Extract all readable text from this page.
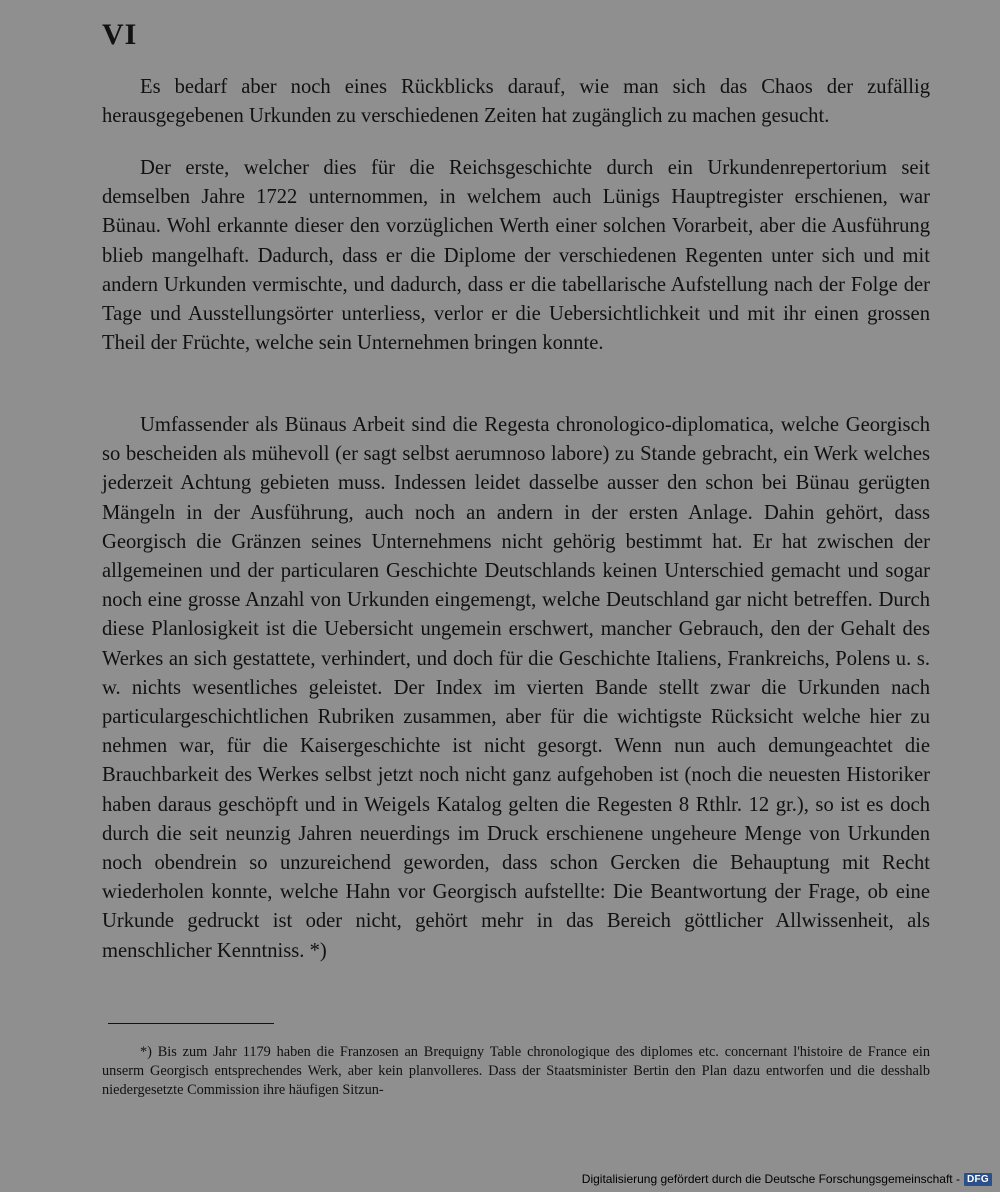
VI

Es bedarf aber noch eines Rückblicks darauf, wie man sich das Chaos der zufällig herausgegebenen Urkunden zu verschiedenen Zeiten hat zugänglich zu machen gesucht.

Der erste, welcher dies für die Reichsgeschichte durch ein Urkundenrepertorium seit demselben Jahre 1722 unternommen, in welchem auch Lünigs Hauptregister erschienen, war Bünau. Wohl erkannte dieser den vorzüglichen Werth einer solchen Vorarbeit, aber die Ausführung blieb mangelhaft. Dadurch, dass er die Diplome der verschiedenen Regenten unter sich und mit andern Urkunden vermischte, und dadurch, dass er die tabellarische Aufstellung nach der Folge der Tage und Ausstellungsörter unterliess, verlor er die Uebersichtlichkeit und mit ihr einen grossen Theil der Früchte, welche sein Unternehmen bringen konnte.

Umfassender als Bünaus Arbeit sind die Regesta chronologico-diplomatica, welche Georgisch so bescheiden als mühevoll (er sagt selbst aerumnoso labore) zu Stande gebracht, ein Werk welches jederzeit Achtung gebieten muss. Indessen leidet dasselbe ausser den schon bei Bünau gerügten Mängeln in der Ausführung, auch noch an andern in der ersten Anlage. Dahin gehört, dass Georgisch die Gränzen seines Unternehmens nicht gehörig bestimmt hat. Er hat zwischen der allgemeinen und der particularen Geschichte Deutschlands keinen Unterschied gemacht und sogar noch eine grosse Anzahl von Urkunden eingemengt, welche Deutschland gar nicht betreffen. Durch diese Planlosigkeit ist die Uebersicht ungemein erschwert, mancher Gebrauch, den der Gehalt des Werkes an sich gestattete, verhindert, und doch für die Geschichte Italiens, Frankreichs, Polens u. s. w. nichts wesentliches geleistet. Der Index im vierten Bande stellt zwar die Urkunden nach particulargeschichtlichen Rubriken zusammen, aber für die wichtigste Rücksicht welche hier zu nehmen war, für die Kaisergeschichte ist nicht gesorgt. Wenn nun auch demungeachtet die Brauchbarkeit des Werkes selbst jetzt noch nicht ganz aufgehoben ist (noch die neuesten Historiker haben daraus geschöpft und in Weigels Katalog gelten die Regesten 8 Rthlr. 12 gr.), so ist es doch durch die seit neunzig Jahren neuerdings im Druck erschienene ungeheure Menge von Urkunden noch obendrein so unzureichend geworden, dass schon Gercken die Behauptung mit Recht wiederholen konnte, welche Hahn vor Georgisch aufstellte: Die Beantwortung der Frage, ob eine Urkunde gedruckt ist oder nicht, gehört mehr in das Bereich göttlicher Allwissenheit, als menschlicher Kenntniss. *)

*) Bis zum Jahr 1179 haben die Franzosen an Brequigny Table chronologique des diplomes etc. concernant l'histoire de France ein unserm Georgisch entsprechendes Werk, aber kein planvolleres. Dass der Staatsminister Bertin den Plan dazu entworfen und die desshalb niedergesetzte Commission ihre häufigen Sitzun-

Digitalisierung gefördert durch die Deutsche Forschungsgemeinschaft - DFG
